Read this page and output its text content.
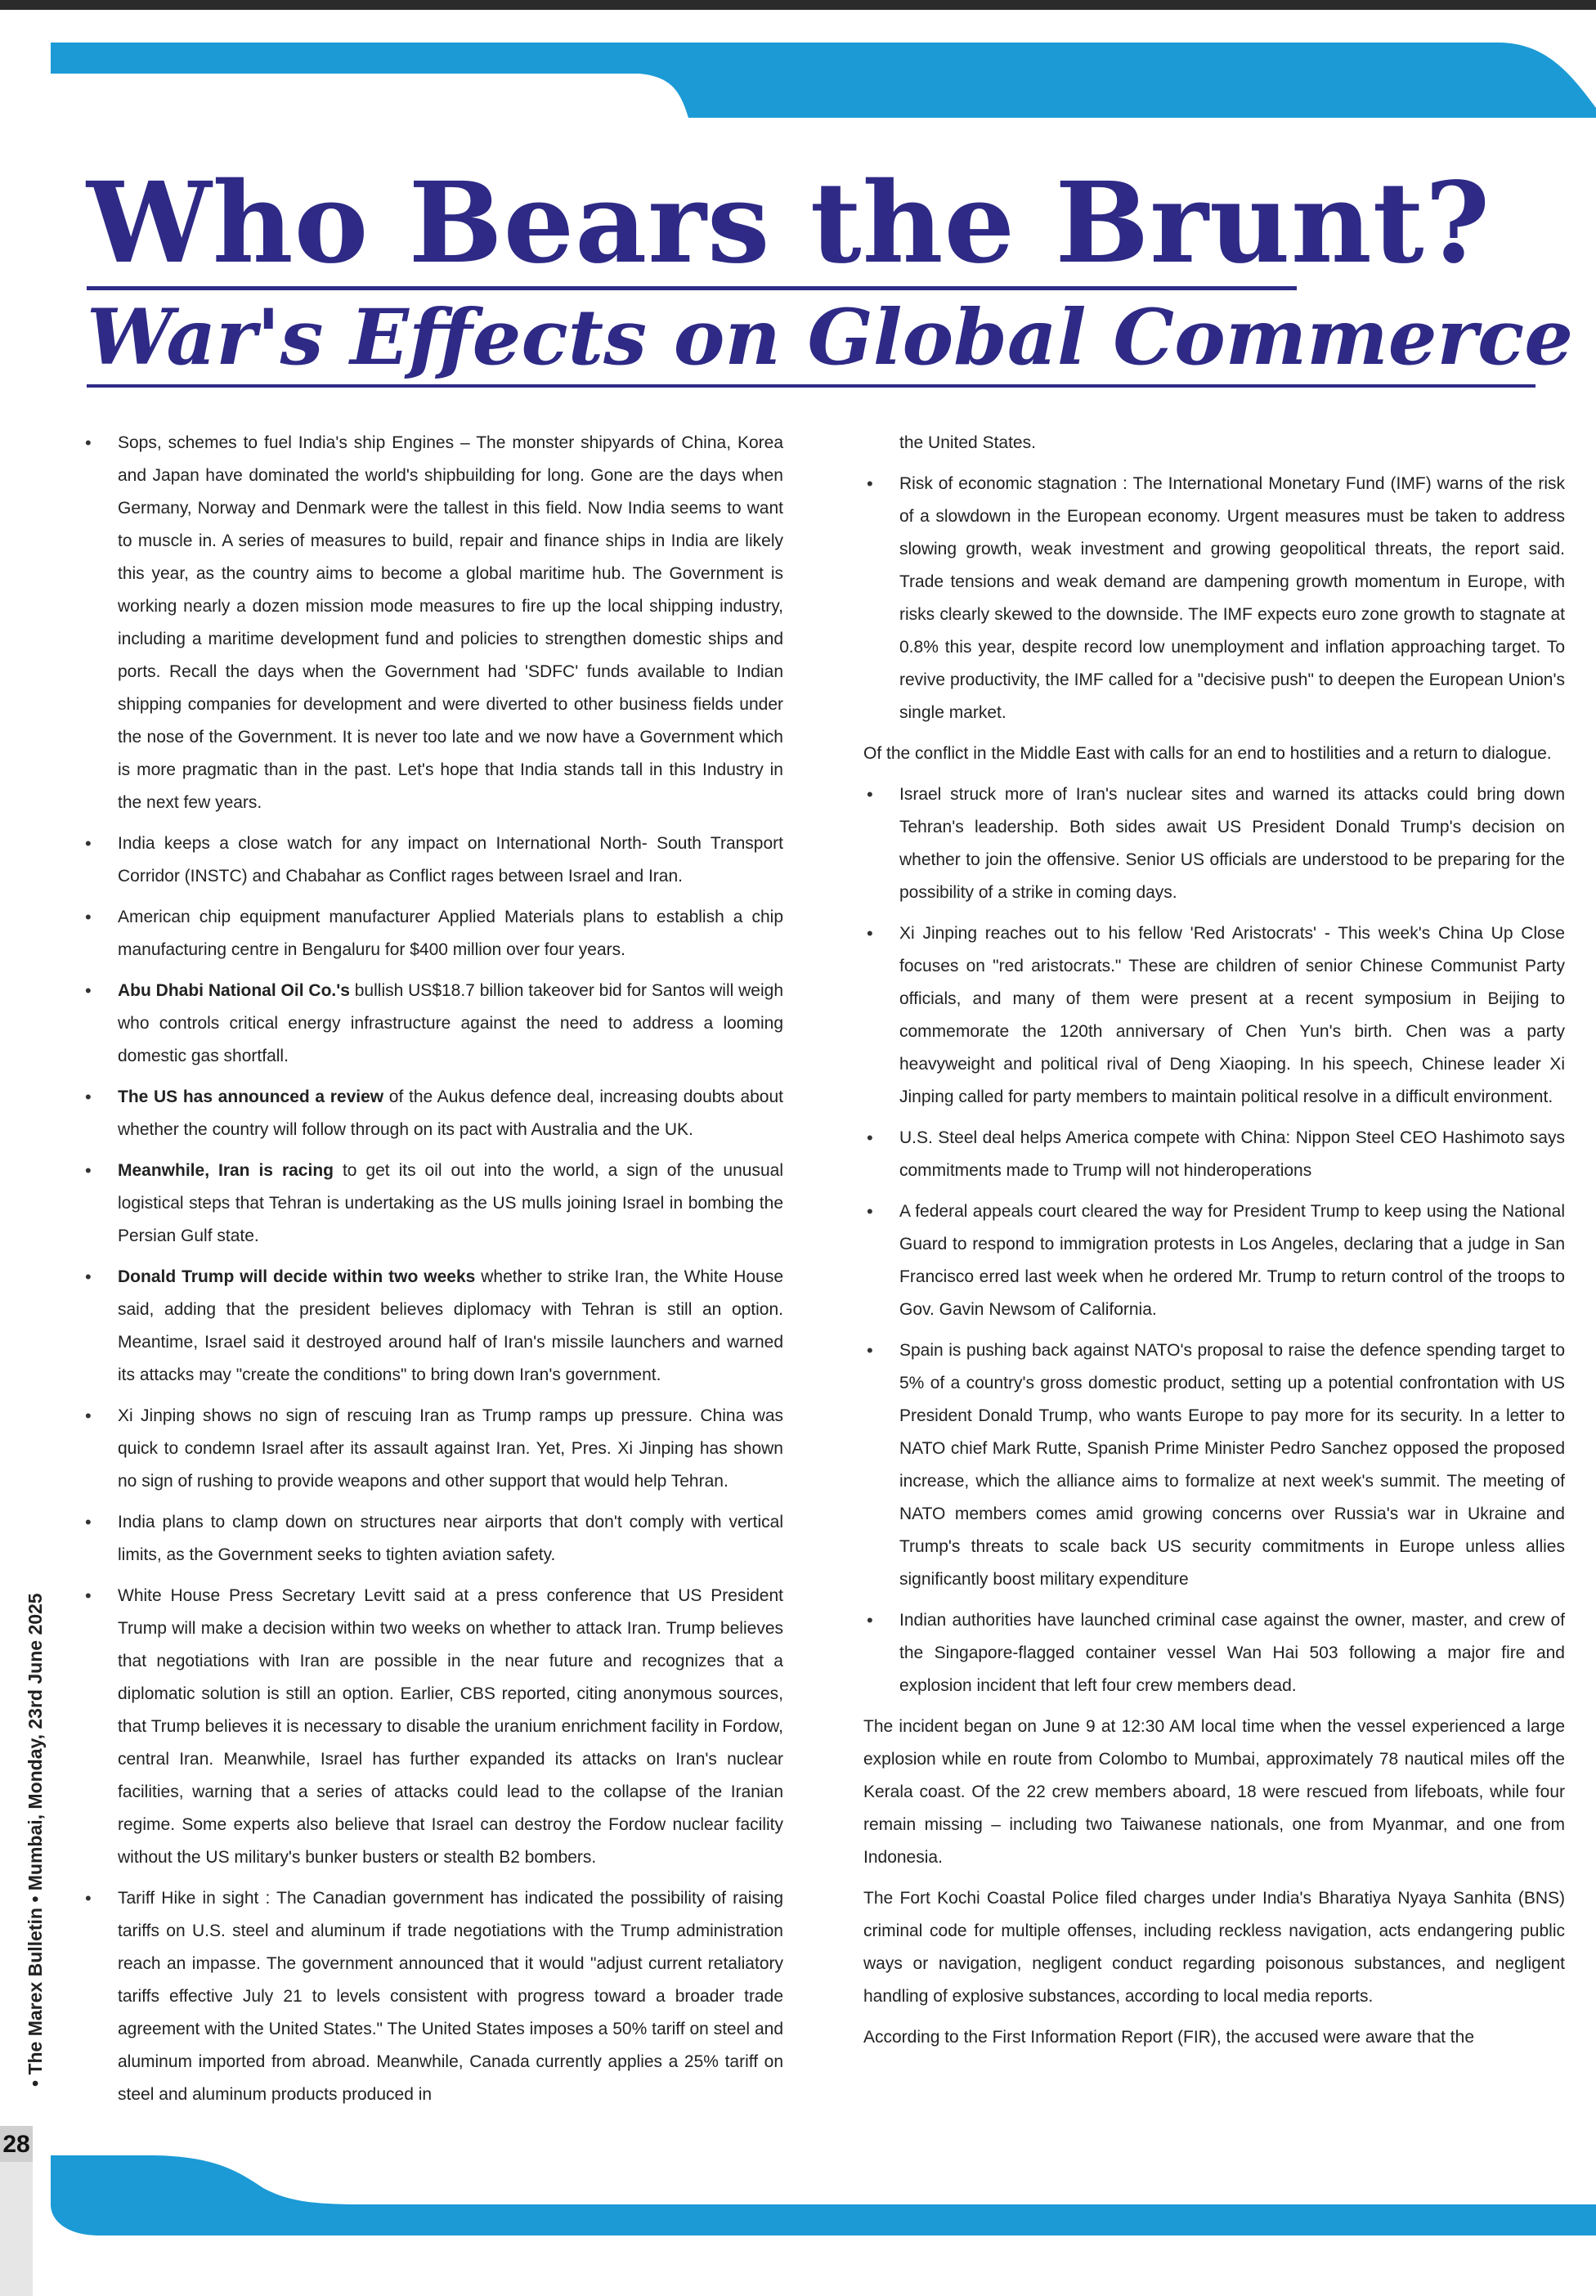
Who Bears the Brunt?
War's Effects on Global Commerce
• Sops, schemes to fuel India's ship Engines – The monster shipyards of China, Korea and Japan have dominated the world's shipbuilding for long. Gone are the days when Germany, Norway and Denmark were the tallest in this field. Now India seems to want to muscle in. A series of measures to build, repair and finance ships in India are likely this year, as the country aims to become a global maritime hub. The Government is working nearly a dozen mission mode measures to fire up the local shipping industry, including a maritime development fund and policies to strengthen domestic ships and ports. Recall the days when the Government had 'SDFC' funds available to Indian shipping companies for development and were diverted to other business fields under the nose of the Government. It is never too late and we now have a Government which is more pragmatic than in the past. Let's hope that India stands tall in this Industry in the next few years.
• India keeps a close watch for any impact on International North- South Transport Corridor (INSTC) and Chabahar as Conflict rages between Israel and Iran.
• American chip equipment manufacturer Applied Materials plans to establish a chip manufacturing centre in Bengaluru for $400 million over four years.
• Abu Dhabi National Oil Co.'s bullish US$18.7 billion takeover bid for Santos will weigh who controls critical energy infrastructure against the need to address a looming domestic gas shortfall.
• The US has announced a review of the Aukus defence deal, increasing doubts about whether the country will follow through on its pact with Australia and the UK.
• Meanwhile, Iran is racing to get its oil out into the world, a sign of the unusual logistical steps that Tehran is undertaking as the US mulls joining Israel in bombing the Persian Gulf state.
• Donald Trump will decide within two weeks whether to strike Iran, the White House said, adding that the president believes diplomacy with Tehran is still an option. Meantime, Israel said it destroyed around half of Iran's missile launchers and warned its attacks may "create the conditions" to bring down Iran's government.
• Xi Jinping shows no sign of rescuing Iran as Trump ramps up pressure. China was quick to condemn Israel after its assault against Iran. Yet, Pres. Xi Jinping has shown no sign of rushing to provide weapons and other support that would help Tehran.
• India plans to clamp down on structures near airports that don't comply with vertical limits, as the Government seeks to tighten aviation safety.
• White House Press Secretary Levitt said at a press conference that US President Trump will make a decision within two weeks on whether to attack Iran. Trump believes that negotiations with Iran are possible in the near future and recognizes that a diplomatic solution is still an option. Earlier, CBS reported, citing anonymous sources, that Trump believes it is necessary to disable the uranium enrichment facility in Fordow, central Iran. Meanwhile, Israel has further expanded its attacks on Iran's nuclear facilities, warning that a series of attacks could lead to the collapse of the Iranian regime. Some experts also believe that Israel can destroy the Fordow nuclear facility without the US military's bunker busters or stealth B2 bombers.
• Tariff Hike in sight : The Canadian government has indicated the possibility of raising tariffs on U.S. steel and aluminum if trade negotiations with the Trump administration reach an impasse. The government announced that it would "adjust current retaliatory tariffs effective July 21 to levels consistent with progress toward a broader trade agreement with the United States." The United States imposes a 50% tariff on steel and aluminum imported from abroad. Meanwhile, Canada currently applies a 25% tariff on steel and aluminum products produced in

the United States.

• Risk of economic stagnation : The International Monetary Fund (IMF) warns of the risk of a slowdown in the European economy. Urgent measures must be taken to address slowing growth, weak investment and growing geopolitical threats, the report said. Trade tensions and weak demand are dampening growth momentum in Europe, with risks clearly skewed to the downside. The IMF expects euro zone growth to stagnate at 0.8% this year, despite record low unemployment and inflation approaching target. To revive productivity, the IMF called for a "decisive push" to deepen the European Union's single market.

Of the conflict in the Middle East with calls for an end to hostilities and a return to dialogue.

• Israel struck more of Iran's nuclear sites and warned its attacks could bring down Tehran's leadership. Both sides await US President Donald Trump's decision on whether to join the offensive. Senior US officials are understood to be preparing for the possibility of a strike in coming days.
• Xi Jinping reaches out to his fellow 'Red Aristocrats' - This week's China Up Close focuses on "red aristocrats." These are children of senior Chinese Communist Party officials, and many of them were present at a recent symposium in Beijing to commemorate the 120th anniversary of Chen Yun's birth. Chen was a party heavyweight and political rival of Deng Xiaoping. In his speech, Chinese leader Xi Jinping called for party members to maintain political resolve in a difficult environment.
• U.S. Steel deal helps America compete with China: Nippon Steel CEO Hashimoto says commitments made to Trump will not hinderoperations
• A federal appeals court cleared the way for President Trump to keep using the National Guard to respond to immigration protests in Los Angeles, declaring that a judge in San Francisco erred last week when he ordered Mr. Trump to return control of the troops to Gov. Gavin Newsom of California.
• Spain is pushing back against NATO's proposal to raise the defence spending target to 5% of a country's gross domestic product, setting up a potential confrontation with US President Donald Trump, who wants Europe to pay more for its security. In a letter to NATO chief Mark Rutte, Spanish Prime Minister Pedro Sanchez opposed the proposed increase, which the alliance aims to formalize at next week's summit. The meeting of NATO members comes amid growing concerns over Russia's war in Ukraine and Trump's threats to scale back US security commitments in Europe unless allies significantly boost military expenditure
• Indian authorities have launched criminal case against the owner, master, and crew of the Singapore-flagged container vessel Wan Hai 503 following a major fire and explosion incident that left four crew members dead.

The incident began on June 9 at 12:30 AM local time when the vessel experienced a large explosion while en route from Colombo to Mumbai, approximately 78 nautical miles off the Kerala coast. Of the 22 crew members aboard, 18 were rescued from lifeboats, while four remain missing – including two Taiwanese nationals, one from Myanmar, and one from Indonesia.

The Fort Kochi Coastal Police filed charges under India's Bharatiya Nyaya Sanhita (BNS) criminal code for multiple offenses, including reckless navigation, acts endangering public ways or navigation, negligent conduct regarding poisonous substances, and negligent handling of explosive substances, according to local media reports.

According to the First Information Report (FIR), the accused were aware that the

• The Marex Bulletin • Mumbai, Monday, 23rd June 2025
28
